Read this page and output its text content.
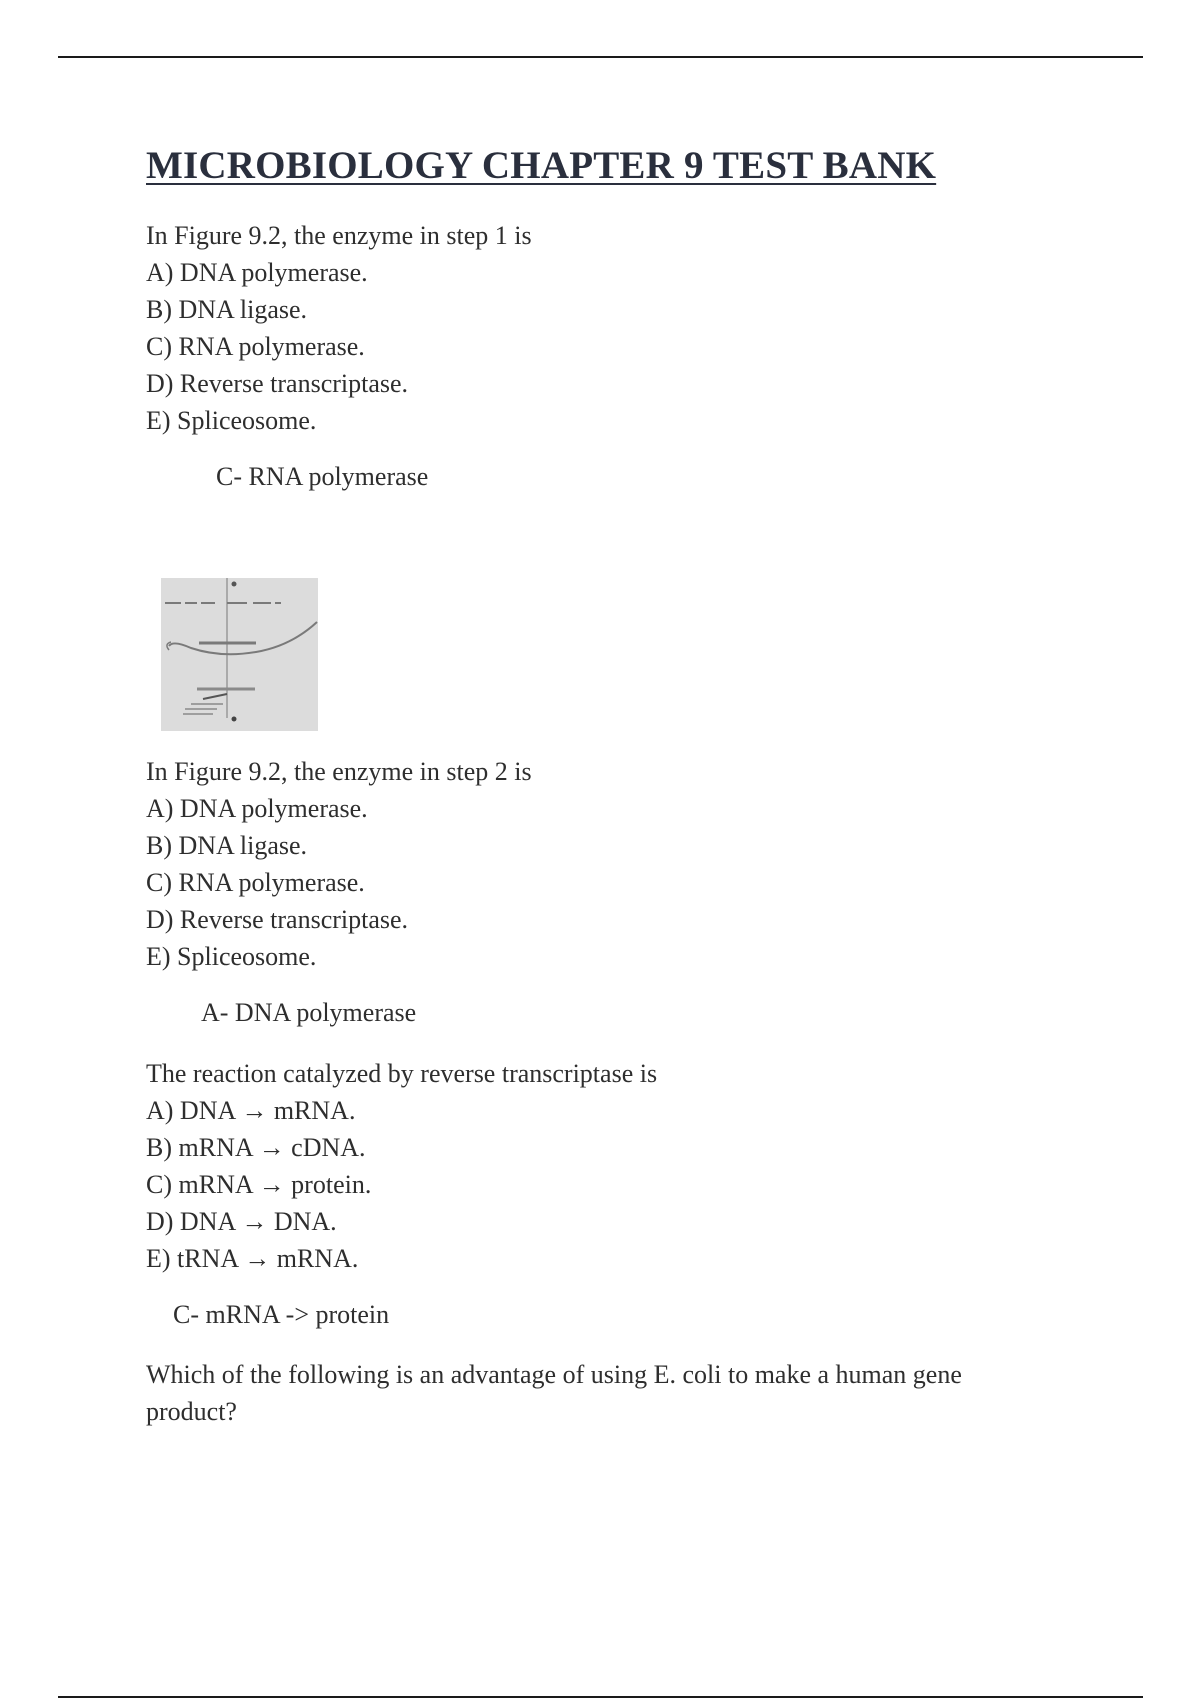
MICROBIOLOGY CHAPTER 9 TEST BANK
In Figure 9.2, the enzyme in step 1 is
A) DNA polymerase.
B) DNA ligase.
C) RNA polymerase.
D) Reverse transcriptase.
E) Spliceosome.
C- RNA polymerase
In Figure 9.2, the enzyme in step 2 is
A) DNA polymerase.
B) DNA ligase.
C) RNA polymerase.
D) Reverse transcriptase.
E) Spliceosome.
A- DNA polymerase
The reaction catalyzed by reverse transcriptase is
A) DNA → mRNA.
B) mRNA → cDNA.
C) mRNA → protein.
D) DNA → DNA.
E) tRNA → mRNA.
C- mRNA -> protein
Which of the following is an advantage of using E. coli to make a human gene product?
